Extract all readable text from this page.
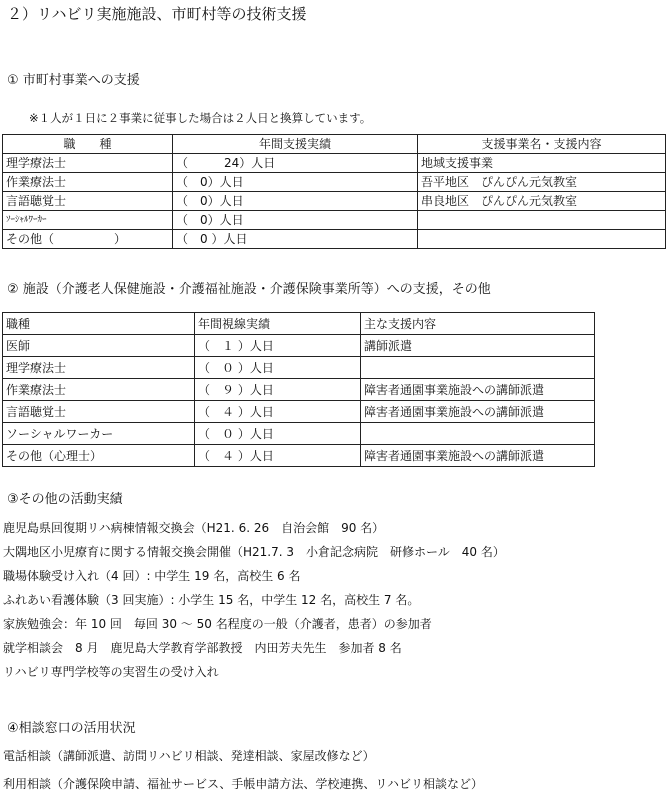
２）リハビリ実施施設、市町村等の技術支援
① 市町村事業への支援
※１人が１日に２事業に従事した場合は２人日と換算しています。
職　　種	年間支援実績	支援事業名・支援内容
理学療法士	（　　　24）人日	地域支援事業
作業療法士	（　0）人日	吾平地区　ぴんぴん元気教室
言語聴覚士	（　0）人日	串良地区　ぴんぴん元気教室
ｿｰｼｬﾙﾜｰｶｰ	（　0）人日	
その他（　　　　　）	（　0 ）人日	
② 施設（介護老人保健施設・介護福祉施設・介護保険事業所等）への支援，その他
職種	年間視線実績	主な支援内容
医師	（　１ ）人日	講師派遣
理学療法士	（　０ ）人日	
作業療法士	（　９ ）人日	障害者通園事業施設への講師派遣
言語聴覚士	（　４ ）人日	障害者通園事業施設への講師派遣
ソーシャルワーカー	（　０ ）人日	
その他（心理士）	（　４ ）人日	障害者通園事業施設への講師派遣
③その他の活動実績
鹿児島県回復期リハ病棟情報交換会（H21. 6. 26　自治会館　90 名）
大隅地区小児療育に関する情報交換会開催（H21.7. 3　小倉記念病院　研修ホール　40 名）
職場体験受け入れ（4 回）: 中学生 19 名，高校生 6 名
ふれあい看護体験（3 回実施）: 小学生 15 名，中学生 12 名，高校生 7 名。
家族勉強会：年 10 回　毎回 30 ～ 50 名程度の一般（介護者，患者）の参加者
就学相談会　8 月　鹿児島大学教育学部教授　内田芳夫先生　参加者 8 名
リハビリ専門学校等の実習生の受け入れ
④相談窓口の活用状況
電話相談（講師派遣、訪問リハビリ相談、発達相談、家屋改修など）
利用相談（介護保険申請、福祉サービス、手帳申請方法、学校連携、リハビリ相談など）
